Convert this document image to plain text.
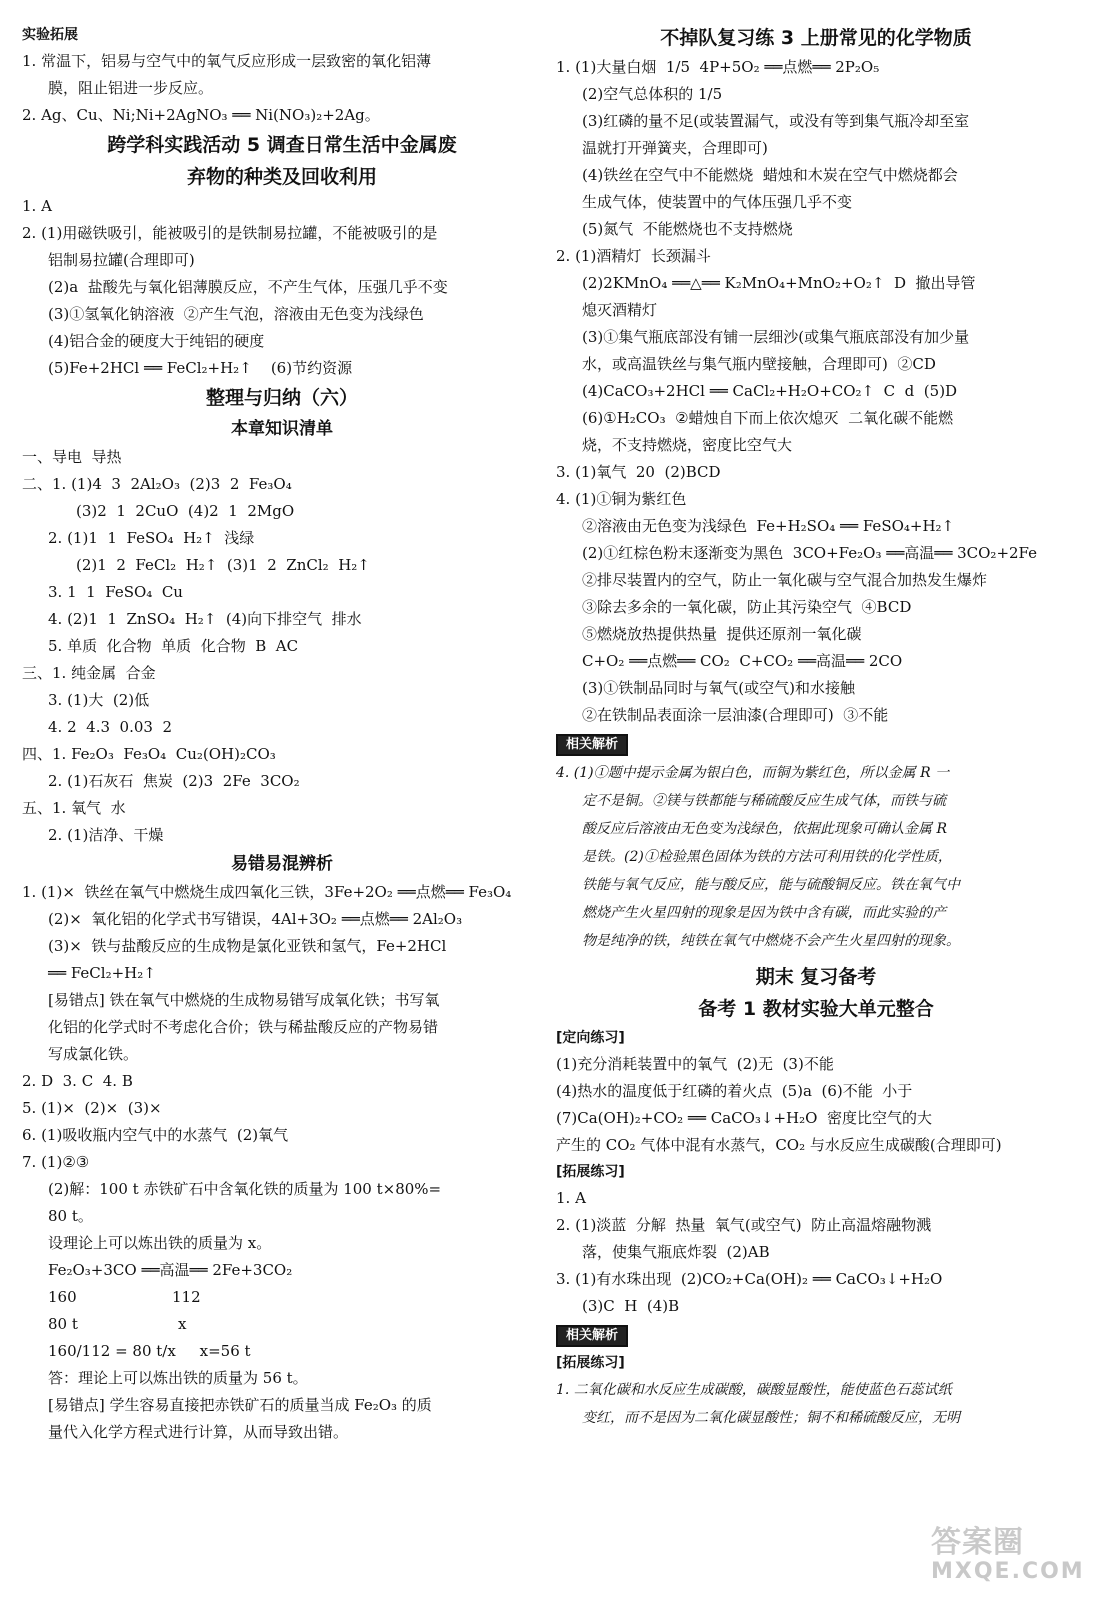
实验拓展
1. 常温下，铝易与空气中的氧气反应形成一层致密的氧化铝薄
膜，阻止铝进一步反应。
2. Ag、Cu、Ni;Ni+2AgNO₃ ══ Ni(NO₃)₂+2Ag。
跨学科实践活动 5 调查日常生活中金属废
弃物的种类及回收利用
1. A
2. (1)用磁铁吸引，能被吸引的是铁制易拉罐，不能被吸引的是
铝制易拉罐(合理即可)
(2)a  盐酸先与氧化铝薄膜反应，不产生气体，压强几乎不变
(3)①氢氧化钠溶液  ②产生气泡，溶液由无色变为浅绿色
(4)铝合金的硬度大于纯铝的硬度
(5)Fe+2HCl ══ FeCl₂+H₂↑    (6)节约资源
整理与归纳（六）
本章知识清单
一、导电  导热
二、1. (1)4  3  2Al₂O₃  (2)3  2  Fe₃O₄
(3)2  1  2CuO  (4)2  1  2MgO
2. (1)1  1  FeSO₄  H₂↑  浅绿
(2)1  2  FeCl₂  H₂↑  (3)1  2  ZnCl₂  H₂↑
3. 1  1  FeSO₄  Cu
4. (2)1  1  ZnSO₄  H₂↑  (4)向下排空气  排水
5. 单质  化合物  单质  化合物  B  AC
三、1. 纯金属  合金
3. (1)大  (2)低
4. 2  4.3  0.03  2
四、1. Fe₂O₃  Fe₃O₄  Cu₂(OH)₂CO₃
2. (1)石灰石  焦炭  (2)3  2Fe  3CO₂
五、1. 氧气  水
2. (1)洁净、干燥
易错易混辨析
1. (1)×  铁丝在氧气中燃烧生成四氧化三铁，3Fe+2O₂ ══点燃══ Fe₃O₄
(2)×  氧化铝的化学式书写错误，4Al+3O₂ ══点燃══ 2Al₂O₃
(3)×  铁与盐酸反应的生成物是氯化亚铁和氢气，Fe+2HCl
══ FeCl₂+H₂↑
[易错点] 铁在氧气中燃烧的生成物易错写成氧化铁；书写氧
化铝的化学式时不考虑化合价；铁与稀盐酸反应的产物易错
写成氯化铁。
2. D  3. C  4. B
5. (1)×  (2)×  (3)×
6. (1)吸收瓶内空气中的水蒸气  (2)氧气
7. (1)②③
(2)解：100 t 赤铁矿石中含氧化铁的质量为 100 t×80%=
80 t。
设理论上可以炼出铁的质量为 x。
Fe₂O₃+3CO ══高温══ 2Fe+3CO₂
160                    112
80 t                     x
160/112 = 80 t/x     x=56 t
答：理论上可以炼出铁的质量为 56 t。
[易错点] 学生容易直接把赤铁矿石的质量当成 Fe₂O₃ 的质
量代入化学方程式进行计算，从而导致出错。
不掉队复习练 3 上册常见的化学物质
1. (1)大量白烟  1/5  4P+5O₂ ══点燃══ 2P₂O₅
(2)空气总体积的 1/5
(3)红磷的量不足(或装置漏气，或没有等到集气瓶冷却至室
温就打开弹簧夹，合理即可)
(4)铁丝在空气中不能燃烧  蜡烛和木炭在空气中燃烧都会
生成气体，使装置中的气体压强几乎不变
(5)氮气  不能燃烧也不支持燃烧
2. (1)酒精灯  长颈漏斗
(2)2KMnO₄ ══△══ K₂MnO₄+MnO₂+O₂↑  D  撤出导管
熄灭酒精灯
(3)①集气瓶底部没有铺一层细沙(或集气瓶底部没有加少量
水，或高温铁丝与集气瓶内壁接触，合理即可)  ②CD
(4)CaCO₃+2HCl ══ CaCl₂+H₂O+CO₂↑  C  d  (5)D
(6)①H₂CO₃  ②蜡烛自下而上依次熄灭  二氧化碳不能燃
烧，不支持燃烧，密度比空气大
3. (1)氧气  20  (2)BCD
4. (1)①铜为紫红色
②溶液由无色变为浅绿色  Fe+H₂SO₄ ══ FeSO₄+H₂↑
(2)①红棕色粉末逐渐变为黑色  3CO+Fe₂O₃ ══高温══ 3CO₂+2Fe
②排尽装置内的空气，防止一氧化碳与空气混合加热发生爆炸
③除去多余的一氧化碳，防止其污染空气  ④BCD
⑤燃烧放热提供热量  提供还原剂一氧化碳
C+O₂ ══点燃══ CO₂  C+CO₂ ══高温══ 2CO
(3)①铁制品同时与氧气(或空气)和水接触
②在铁制品表面涂一层油漆(合理即可)  ③不能
相关解析
4. (1)①题中提示金属为银白色，而铜为紫红色，所以金属 R 一
定不是铜。②镁与铁都能与稀硫酸反应生成气体，而铁与硫
酸反应后溶液由无色变为浅绿色，依据此现象可确认金属 R
是铁。(2)①检验黑色固体为铁的方法可利用铁的化学性质，
铁能与氧气反应，能与酸反应，能与硫酸铜反应。铁在氧气中
燃烧产生火星四射的现象是因为铁中含有碳，而此实验的产
物是纯净的铁，纯铁在氧气中燃烧不会产生火星四射的现象。
期末 复习备考
备考 1 教材实验大单元整合
[定向练习]
(1)充分消耗装置中的氧气  (2)无  (3)不能
(4)热水的温度低于红磷的着火点  (5)a  (6)不能  小于
(7)Ca(OH)₂+CO₂ ══ CaCO₃↓+H₂O  密度比空气的大
产生的 CO₂ 气体中混有水蒸气，CO₂ 与水反应生成碳酸(合理即可)
[拓展练习]
1. A
2. (1)淡蓝  分解  热量  氧气(或空气)  防止高温熔融物溅
落，使集气瓶底炸裂  (2)AB
3. (1)有水珠出现  (2)CO₂+Ca(OH)₂ ══ CaCO₃↓+H₂O
(3)C  H  (4)B
相关解析
[拓展练习]
1. 二氧化碳和水反应生成碳酸，碳酸显酸性，能使蓝色石蕊试纸
变红，而不是因为二氧化碳显酸性；铜不和稀硫酸反应，无明
答案圈
MXQE.COM
